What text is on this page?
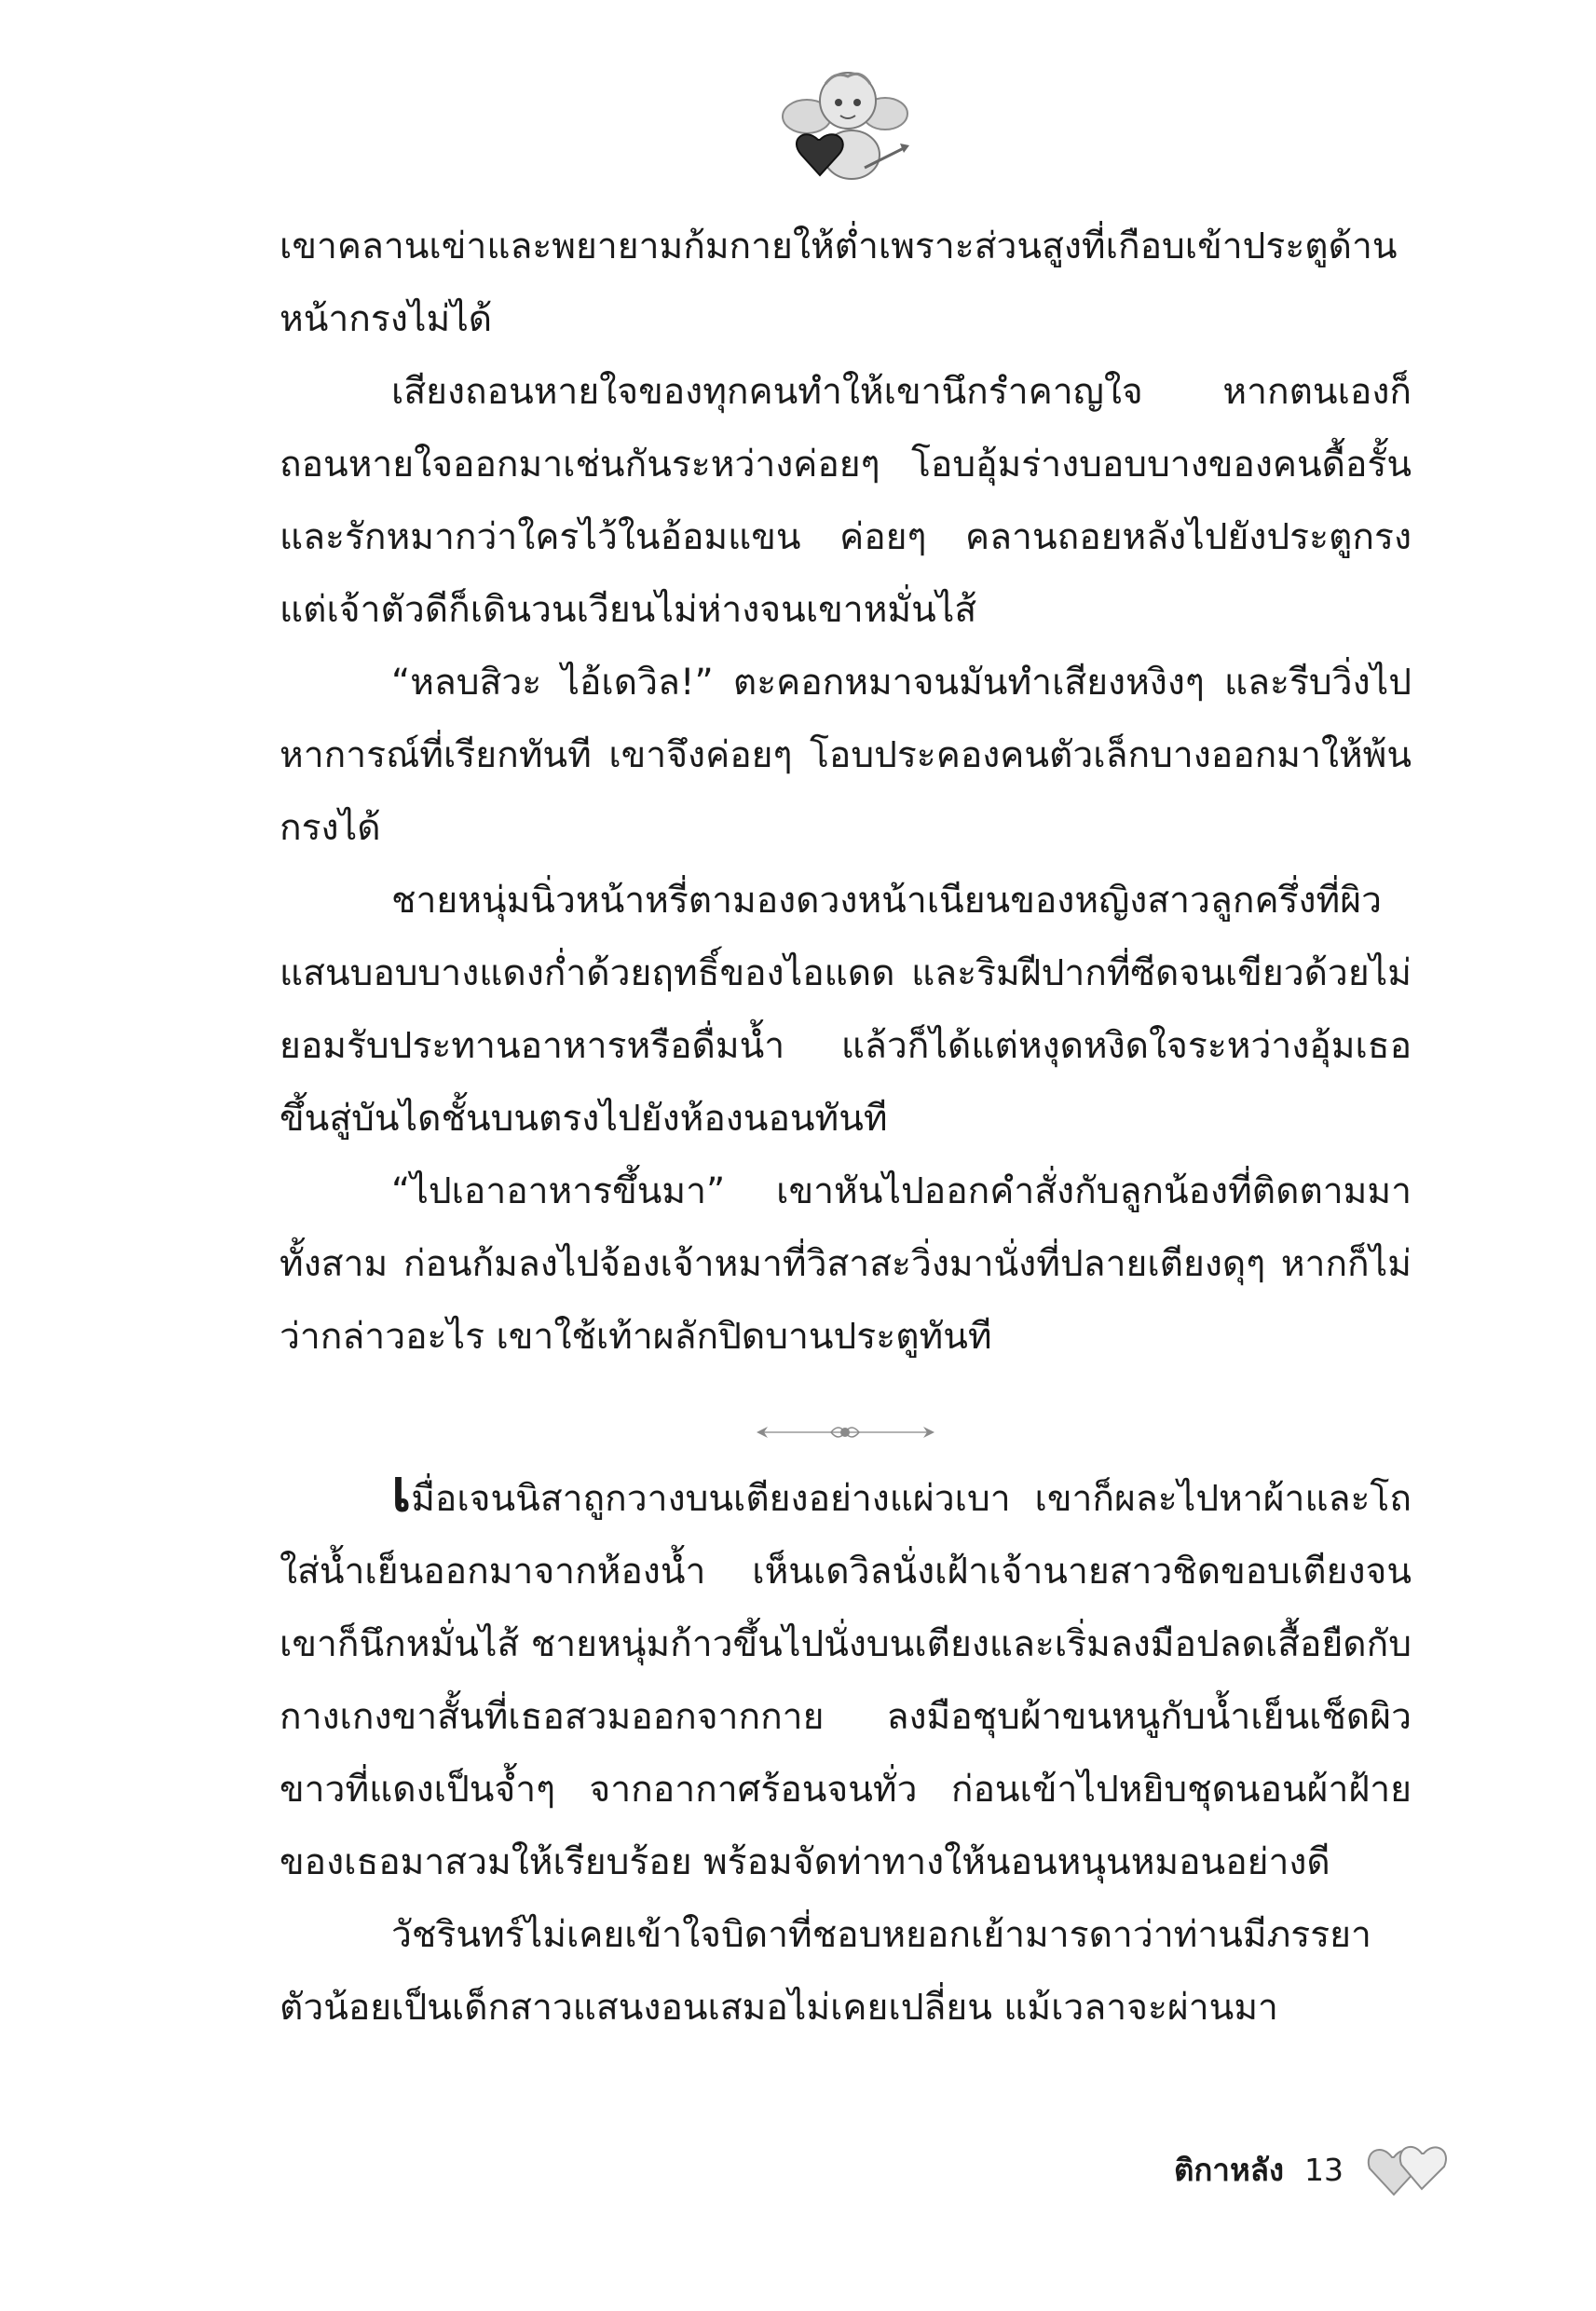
เขาคลานเข่าและพยายามก้มกายให้ต่ำเพราะส่วนสูงที่เกือบเข้าประตูด้านหน้ากรงไม่ได้

เสียงถอนหายใจของทุกคนทำให้เขานึกรำคาญใจ หากตนเองก็ถอนหายใจออกมาเช่นกันระหว่างค่อยๆ โอบอุ้มร่างบอบบางของคนดื้อรั้นและรักหมากว่าใครไว้ในอ้อมแขน ค่อยๆ คลานถอยหลังไปยังประตูกรง แต่เจ้าตัวดีก็เดินวนเวียนไม่ห่างจนเขาหมั่นไส้

“หลบสิวะ ไอ้เดวิล!” ตะคอกหมาจนมันทำเสียงหงิงๆ และรีบวิ่งไปหาการณ์ที่เรียกทันที เขาจึงค่อยๆ โอบประคองคนตัวเล็กบางออกมาให้พ้นกรงได้

ชายหนุ่มนิ่วหน้าหรี่ตามองดวงหน้าเนียนของหญิงสาวลูกครึ่งที่ผิวแสนบอบบางแดงก่ำด้วยฤทธิ์ของไอแดด และริมฝีปากที่ซีดจนเขียวด้วยไม่ยอมรับประทานอาหารหรือดื่มน้ำ แล้วก็ได้แต่หงุดหงิดใจระหว่างอุ้มเธอขึ้นสู่บันไดชั้นบนตรงไปยังห้องนอนทันที

“ไปเอาอาหารขึ้นมา” เขาหันไปออกคำสั่งกับลูกน้องที่ติดตามมาทั้งสาม ก่อนก้มลงไปจ้องเจ้าหมาที่วิสาสะวิ่งมานั่งที่ปลายเตียงดุๆ หากก็ไม่ว่ากล่าวอะไร เขาใช้เท้าผลักปิดบานประตูทันที

เมื่อเจนนิสาถูกวางบนเตียงอย่างแผ่วเบา เขาก็ผละไปหาผ้าและโถใส่น้ำเย็นออกมาจากห้องน้ำ เห็นเดวิลนั่งเฝ้าเจ้านายสาวชิดขอบเตียงจนเขาก็นึกหมั่นไส้ ชายหนุ่มก้าวขึ้นไปนั่งบนเตียงและเริ่มลงมือปลดเสื้อยืดกับกางเกงขาสั้นที่เธอสวมออกจากกาย ลงมือชุบผ้าขนหนูกับน้ำเย็นเช็ดผิวขาวที่แดงเป็นจ้ำๆ จากอากาศร้อนจนทั่ว ก่อนเข้าไปหยิบชุดนอนผ้าฝ้ายของเธอมาสวมให้เรียบร้อย พร้อมจัดท่าทางให้นอนหนุนหมอนอย่างดี

วัชรินทร์ไม่เคยเข้าใจบิดาที่ชอบหยอกเย้ามารดาว่าท่านมีภรรยาตัวน้อยเป็นเด็กสาวแสนงอนเสมอไม่เคยเปลี่ยน แม้เวลาจะผ่านมา

ติกาหลัง 13
